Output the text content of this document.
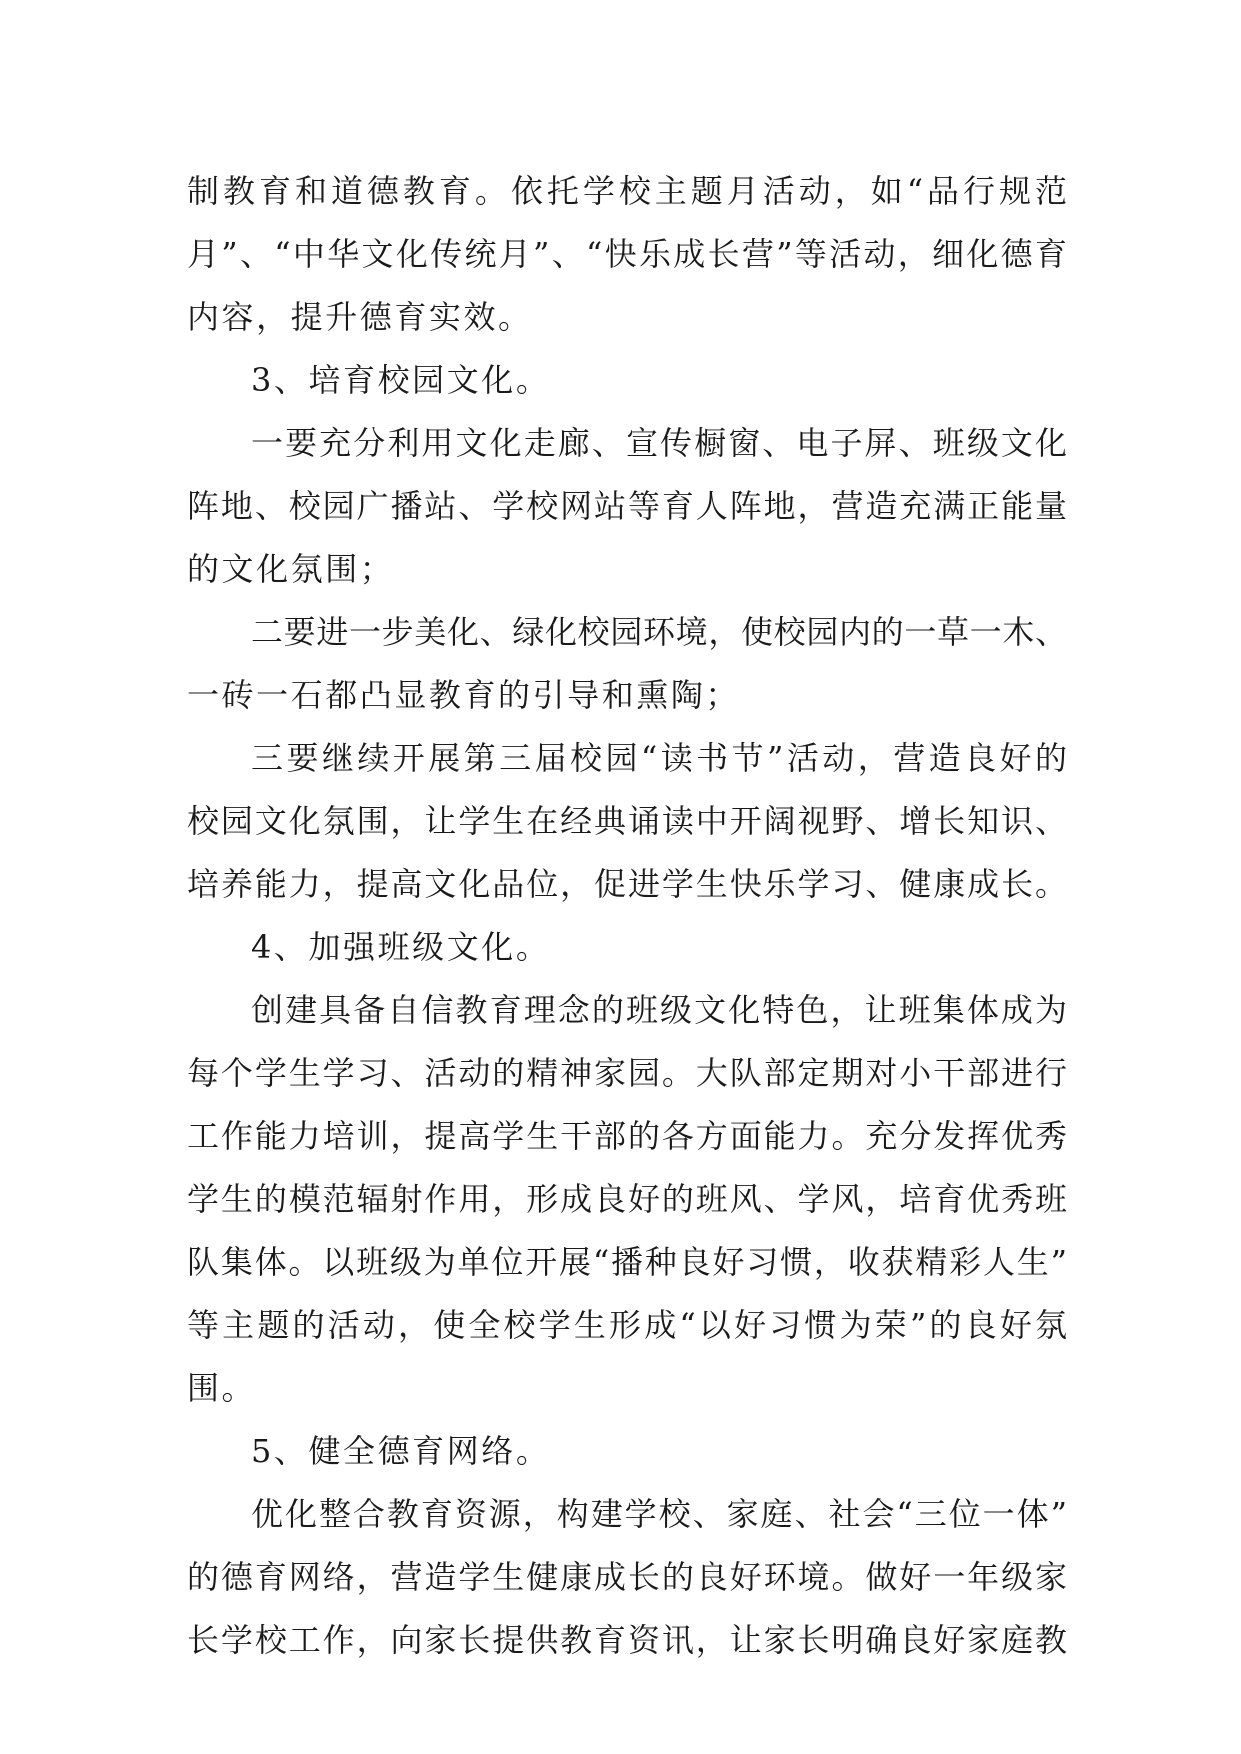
制教育和道德教育。依托学校主题月活动，如“品行规范
月”、“中华文化传统月”、“快乐成长营”等活动，细化德育
内容，提升德育实效。
3、培育校园文化。
一要充分利用文化走廊、宣传橱窗、电子屏、班级文化
阵地、校园广播站、学校网站等育人阵地，营造充满正能量
的文化氛围；
二要进一步美化、绿化校园环境，使校园内的一草一木、
一砖一石都凸显教育的引导和熏陶；
三要继续开展第三届校园“读书节”活动，营造良好的
校园文化氛围，让学生在经典诵读中开阔视野、增长知识、
培养能力，提高文化品位，促进学生快乐学习、健康成长。
4、加强班级文化。
创建具备自信教育理念的班级文化特色，让班集体成为
每个学生学习、活动的精神家园。大队部定期对小干部进行
工作能力培训，提高学生干部的各方面能力。充分发挥优秀
学生的模范辐射作用，形成良好的班风、学风，培育优秀班
队集体。以班级为单位开展“播种良好习惯，收获精彩人生”
等主题的活动，使全校学生形成“以好习惯为荣”的良好氛
围。
5、健全德育网络。
优化整合教育资源，构建学校、家庭、社会“三位一体”
的德育网络，营造学生健康成长的良好环境。做好一年级家
长学校工作，向家长提供教育资讯，让家长明确良好家庭教
